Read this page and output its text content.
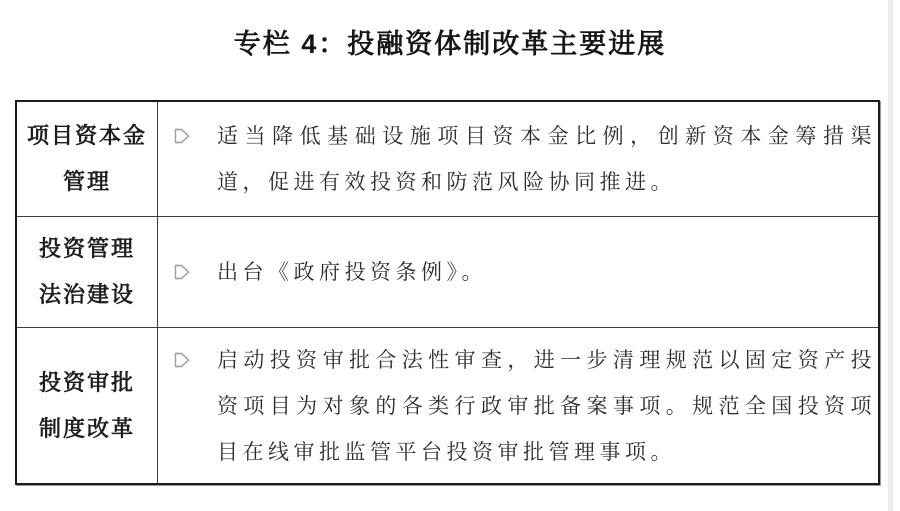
专栏 4：投融资体制改革主要进展
项目资本金
管理
适当降低基础设施项目资本金比例，创新资本金筹措渠道，促进有效投资和防范风险协同推进。
投资管理
法治建设
出台《政府投资条例》。
投资审批
制度改革
启动投资审批合法性审查，进一步清理规范以固定资产投资项目为对象的各类行政审批备案事项。规范全国投资项目在线审批监管平台投资审批管理事项。
